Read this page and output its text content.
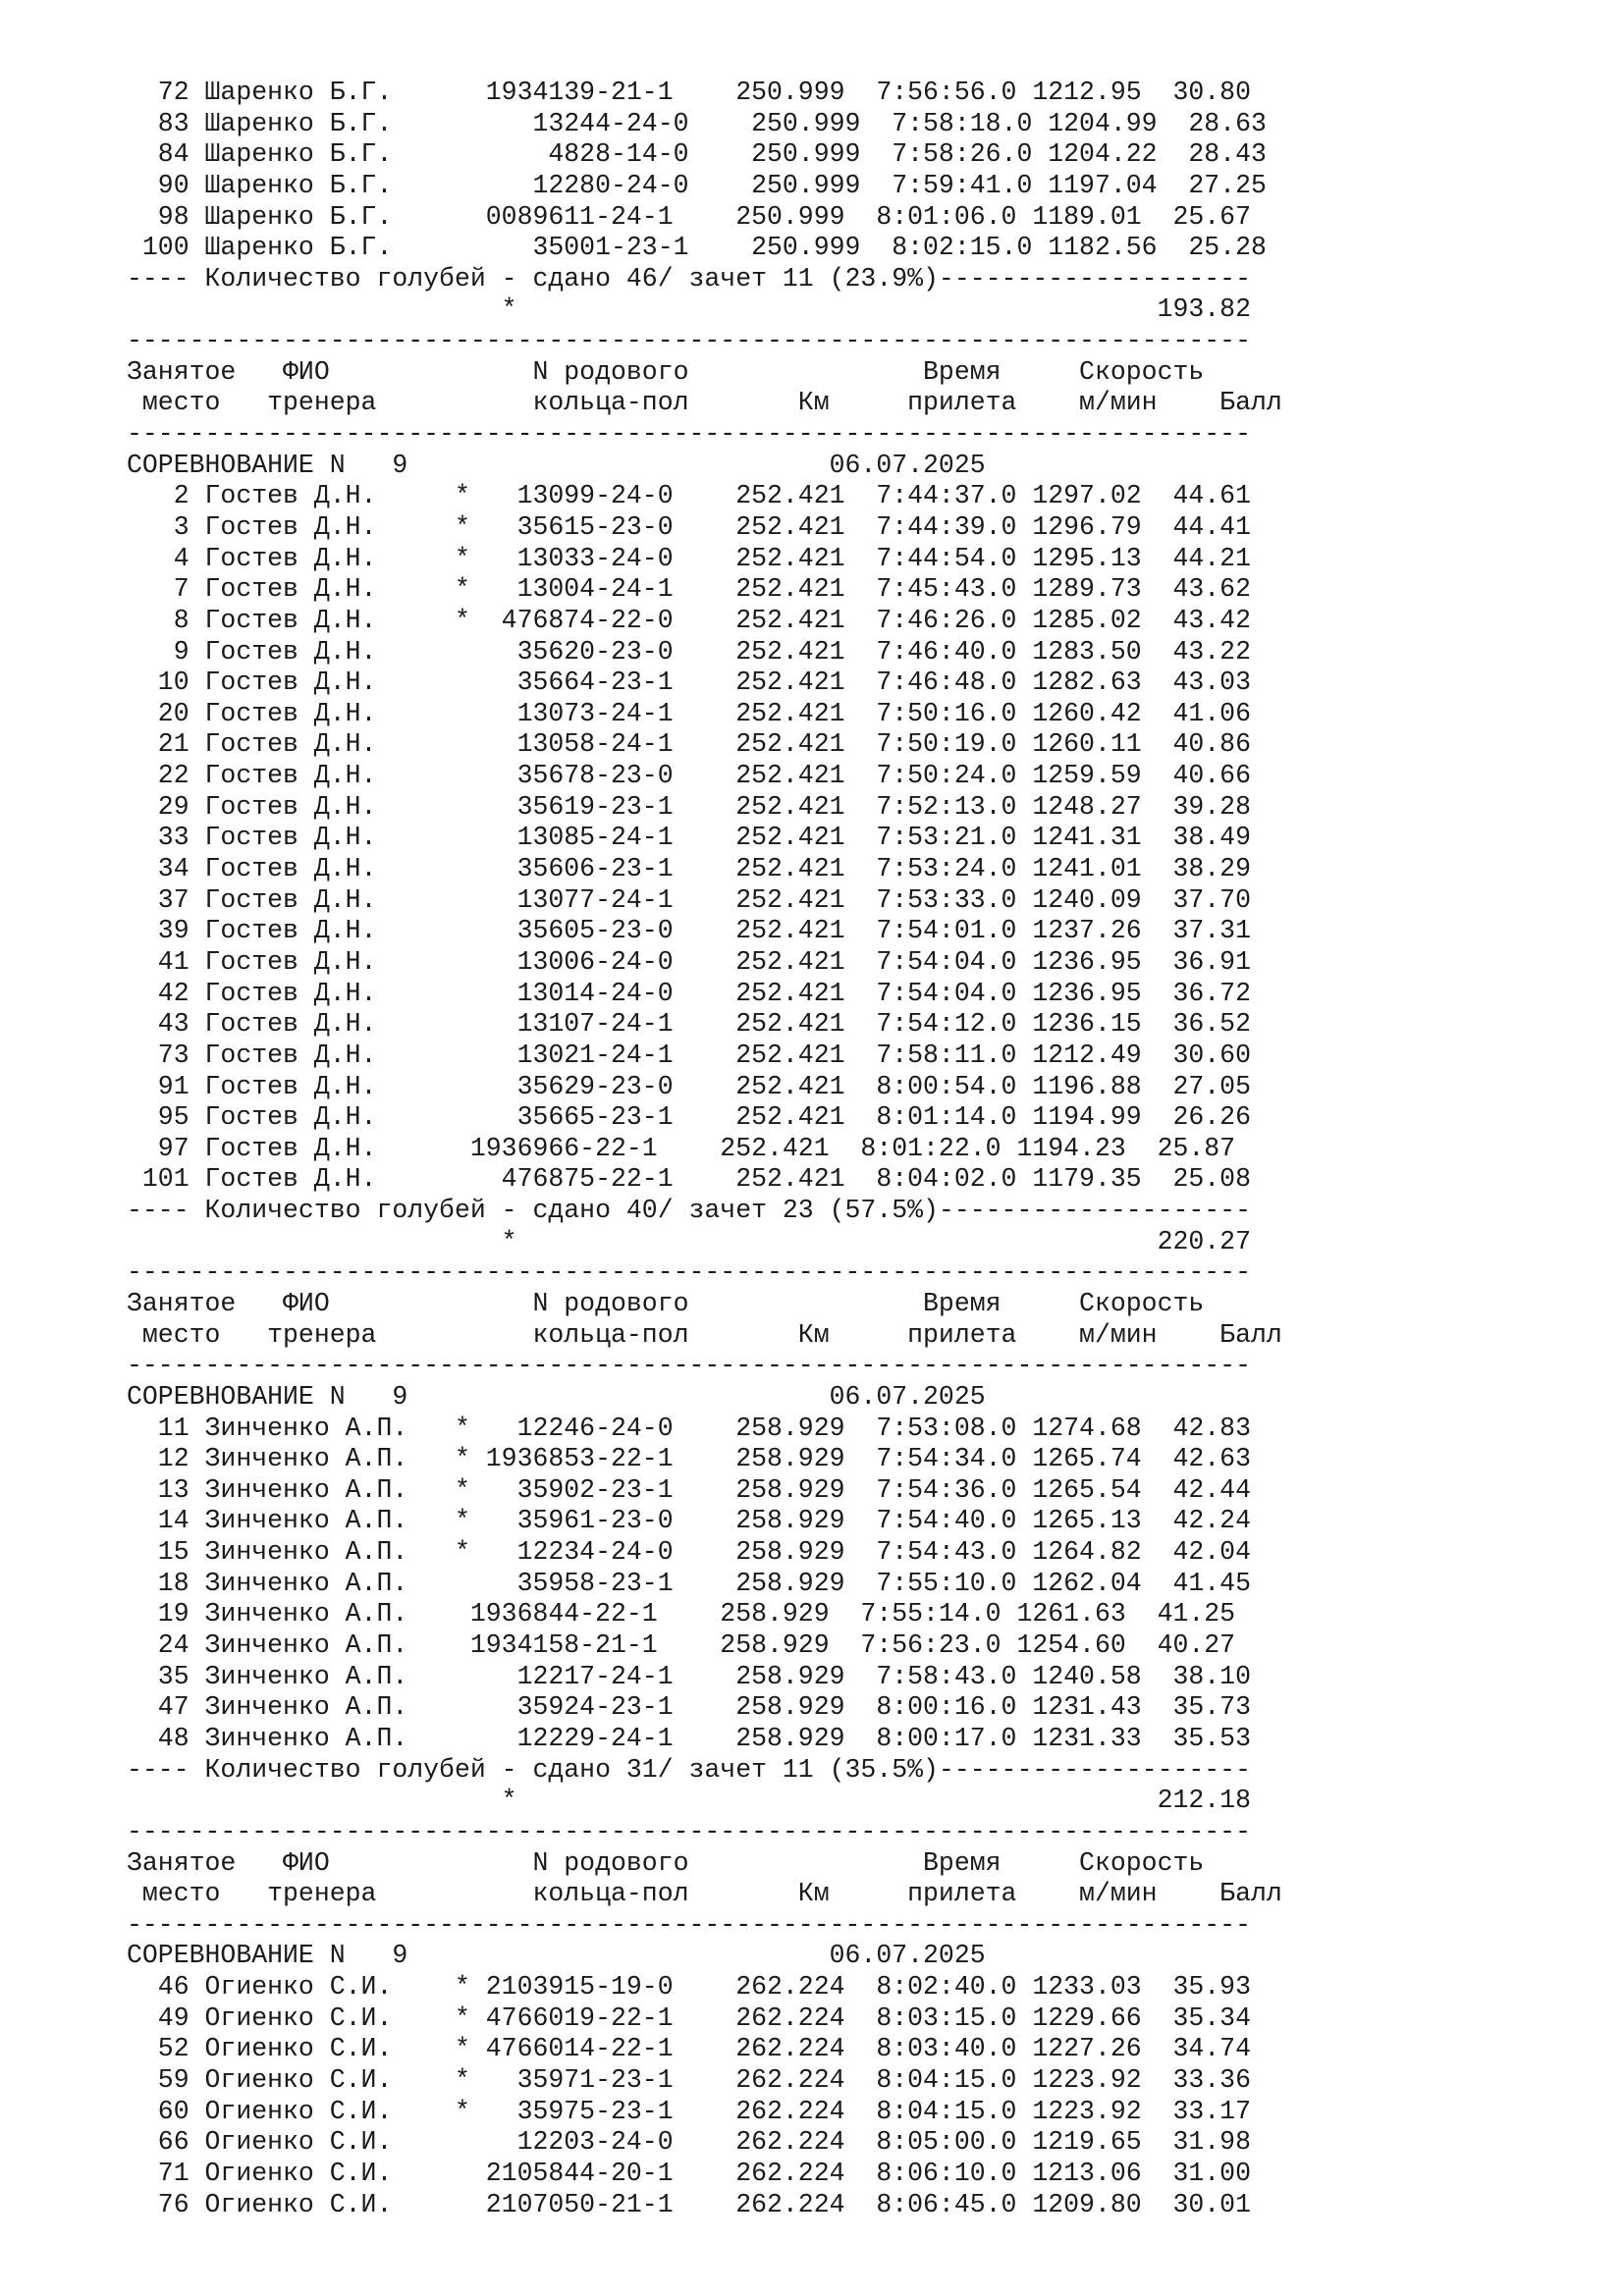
72 Шаренко Б.Г.      1934139-21-1    250.999  7:56:56.0 1212.95  30.80
83 Шаренко Б.Г.         13244-24-0    250.999  7:58:18.0 1204.99  28.63
84 Шаренко Б.Г.          4828-14-0    250.999  7:58:26.0 1204.22  28.43
90 Шаренко Б.Г.         12280-24-0    250.999  7:59:41.0 1197.04  27.25
98 Шаренко Б.Г.      0089611-24-1    250.999  8:01:06.0 1189.01  25.67
100 Шаренко Б.Г.         35001-23-1    250.999  8:02:15.0 1182.56  25.28
---- Количество голубей - сдано 46/ зачет 11 (23.9%)--------------------
*                                         193.82
------------------------------------------------------------------------
Занятое   ФИО             N родового               Время     Скорость
место   тренера          кольца-пол       Км     прилета    м/мин    Балл
------------------------------------------------------------------------
СОРЕВНОВАНИЕ N   9                           06.07.2025
2 Гостев Д.Н.     *   13099-24-0    252.421  7:44:37.0 1297.02  44.61
3 Гостев Д.Н.     *   35615-23-0    252.421  7:44:39.0 1296.79  44.41
4 Гостев Д.Н.     *   13033-24-0    252.421  7:44:54.0 1295.13  44.21
7 Гостев Д.Н.     *   13004-24-1    252.421  7:45:43.0 1289.73  43.62
8 Гостев Д.Н.     *  476874-22-0    252.421  7:46:26.0 1285.02  43.42
9 Гостев Д.Н.         35620-23-0    252.421  7:46:40.0 1283.50  43.22
10 Гостев Д.Н.         35664-23-1    252.421  7:46:48.0 1282.63  43.03
20 Гостев Д.Н.         13073-24-1    252.421  7:50:16.0 1260.42  41.06
21 Гостев Д.Н.         13058-24-1    252.421  7:50:19.0 1260.11  40.86
22 Гостев Д.Н.         35678-23-0    252.421  7:50:24.0 1259.59  40.66
29 Гостев Д.Н.         35619-23-1    252.421  7:52:13.0 1248.27  39.28
33 Гостев Д.Н.         13085-24-1    252.421  7:53:21.0 1241.31  38.49
34 Гостев Д.Н.         35606-23-1    252.421  7:53:24.0 1241.01  38.29
37 Гостев Д.Н.         13077-24-1    252.421  7:53:33.0 1240.09  37.70
39 Гостев Д.Н.         35605-23-0    252.421  7:54:01.0 1237.26  37.31
41 Гостев Д.Н.         13006-24-0    252.421  7:54:04.0 1236.95  36.91
42 Гостев Д.Н.         13014-24-0    252.421  7:54:04.0 1236.95  36.72
43 Гостев Д.Н.         13107-24-1    252.421  7:54:12.0 1236.15  36.52
73 Гостев Д.Н.         13021-24-1    252.421  7:58:11.0 1212.49  30.60
91 Гостев Д.Н.         35629-23-0    252.421  8:00:54.0 1196.88  27.05
95 Гостев Д.Н.         35665-23-1    252.421  8:01:14.0 1194.99  26.26
97 Гостев Д.Н.      1936966-22-1    252.421  8:01:22.0 1194.23  25.87
101 Гостев Д.Н.        476875-22-1    252.421  8:04:02.0 1179.35  25.08
---- Количество голубей - сдано 40/ зачет 23 (57.5%)--------------------
*                                         220.27
------------------------------------------------------------------------
Занятое   ФИО             N родового               Время     Скорость
место   тренера          кольца-пол       Км     прилета    м/мин    Балл
------------------------------------------------------------------------
СОРЕВНОВАНИЕ N   9                           06.07.2025
11 Зинченко А.П.   *   12246-24-0    258.929  7:53:08.0 1274.68  42.83
12 Зинченко А.П.   * 1936853-22-1    258.929  7:54:34.0 1265.74  42.63
13 Зинченко А.П.   *   35902-23-1    258.929  7:54:36.0 1265.54  42.44
14 Зинченко А.П.   *   35961-23-0    258.929  7:54:40.0 1265.13  42.24
15 Зинченко А.П.   *   12234-24-0    258.929  7:54:43.0 1264.82  42.04
18 Зинченко А.П.       35958-23-1    258.929  7:55:10.0 1262.04  41.45
19 Зинченко А.П.    1936844-22-1    258.929  7:55:14.0 1261.63  41.25
24 Зинченко А.П.    1934158-21-1    258.929  7:56:23.0 1254.60  40.27
35 Зинченко А.П.       12217-24-1    258.929  7:58:43.0 1240.58  38.10
47 Зинченко А.П.       35924-23-1    258.929  8:00:16.0 1231.43  35.73
48 Зинченко А.П.       12229-24-1    258.929  8:00:17.0 1231.33  35.53
---- Количество голубей - сдано 31/ зачет 11 (35.5%)--------------------
*                                         212.18
------------------------------------------------------------------------
Занятое   ФИО             N родового               Время     Скорость
место   тренера          кольца-пол       Км     прилета    м/мин    Балл
------------------------------------------------------------------------
СОРЕВНОВАНИЕ N   9                           06.07.2025
46 Огиенко С.И.    * 2103915-19-0    262.224  8:02:40.0 1233.03  35.93
49 Огиенко С.И.    * 4766019-22-1    262.224  8:03:15.0 1229.66  35.34
52 Огиенко С.И.    * 4766014-22-1    262.224  8:03:40.0 1227.26  34.74
59 Огиенко С.И.    *   35971-23-1    262.224  8:04:15.0 1223.92  33.36
60 Огиенко С.И.    *   35975-23-1    262.224  8:04:15.0 1223.92  33.17
66 Огиенко С.И.        12203-24-0    262.224  8:05:00.0 1219.65  31.98
71 Огиенко С.И.      2105844-20-1    262.224  8:06:10.0 1213.06  31.00
76 Огиенко С.И.      2107050-21-1    262.224  8:06:45.0 1209.80  30.01
